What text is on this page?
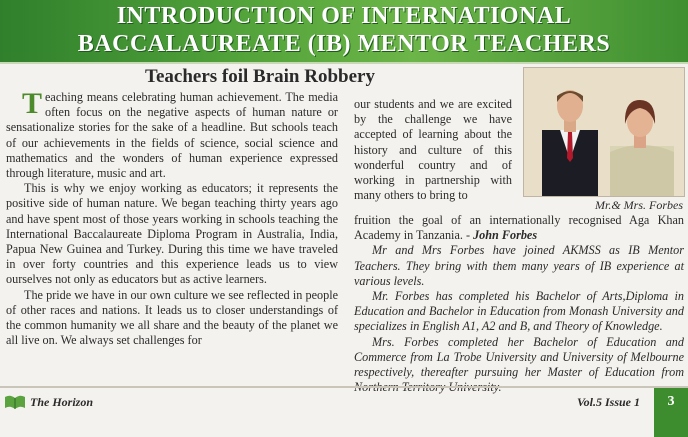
INTRODUCTION OF INTERNATIONAL
BACCALAUREATE (IB) MENTOR TEACHERS
Teachers foil Brain Robbery

Teaching means celebrating human achievement. The media often focus on the negative aspects of human nature or sensationalize stories for the sake of a headline. But schools teach of our achievements in the fields of science, social science and mathematics and the wonders of human experience expressed through literature, music and art.

This is why we enjoy working as educators; it represents the positive side of human nature. We began teaching thirty years ago and have spent most of those years working in schools teaching the International Baccalaureate Diploma Program in Australia, India, Papua New Guinea and Turkey. During this time we have traveled in over forty countries and this experience leads us to view ourselves not only as educators but as active learners.

The pride we have in our own culture we see reflected in people of other races and nations. It leads us to closer understandings of the common humanity we all share and the beauty of the planet we all live on. We always set challenges for

our students and we are excited by the challenge we have accepted of learning about the history and culture of this wonderful country and of working in partnership with many others to bring to

Mr.& Mrs. Forbes

fruition the goal of an internationally recognised Aga Khan Academy in Tanzania. - John Forbes

Mr and Mrs Forbes have joined AKMSS as IB Mentor Teachers. They bring with them many years of IB experience at various levels.

Mr. Forbes has completed his Bachelor of Arts,Diploma in Education and Bachelor in Education from Monash University and specializes in English A1, A2 and B, and Theory of Knowledge.

Mrs. Forbes completed her Bachelor of Education and Commerce from La Trobe University and University of Melbourne respectively, thereafter pursuing her Master of Education from Northern Territory University.

The Horizon	Vol.5 Issue 1	3
